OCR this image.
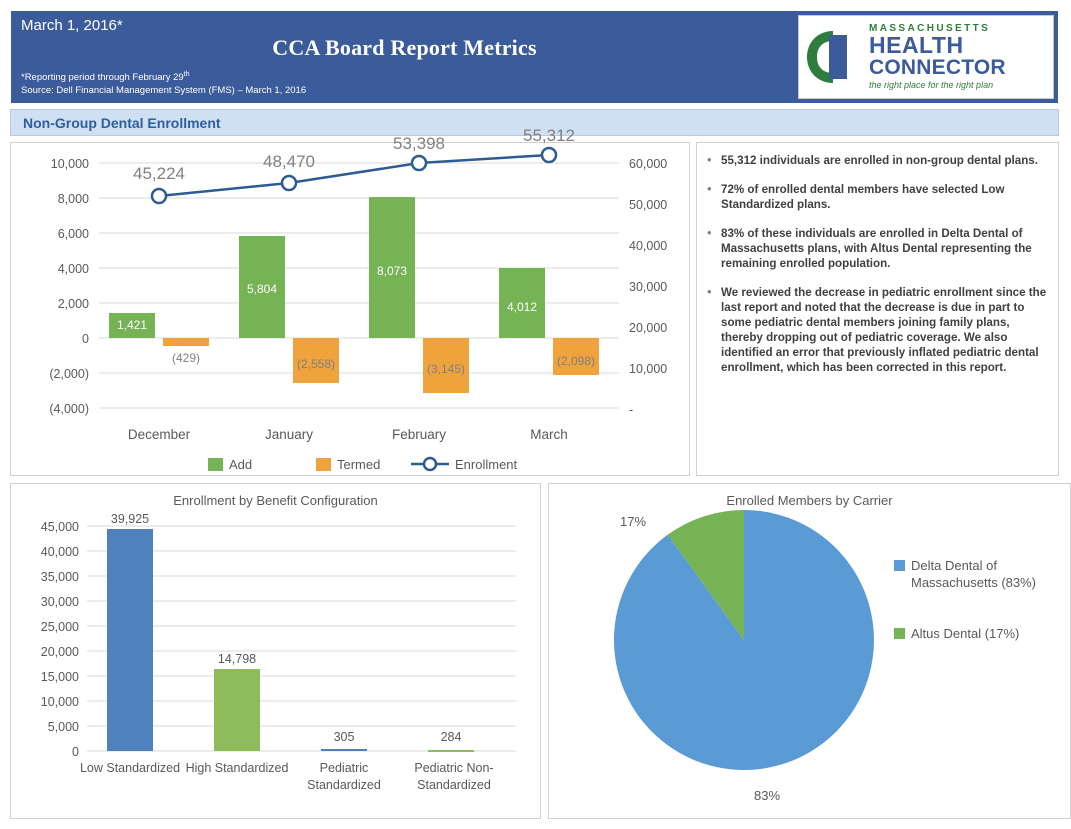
March 1, 2016*
CCA Board Report Metrics
*Reporting period through February 29th
Source: Dell Financial Management System (FMS) – March 1, 2016
MASSACHUSETTS
HEALTH
CONNECTOR
the right place for the right plan
Non-Group Dental Enrollment
10,000
8,000
6,000
4,000
2,000
0
(2,000)
(4,000)
60,000
50,000
40,000
30,000
20,000
10,000
-
1,421
(429)
5,804
(2,558)
8,073
(3,145)
4,012
(2,098)
45,224
48,470
53,398	55,312
December	January	February	March
Add	Termed	Enrollment
• 55,312 individuals are enrolled in non-group dental plans.
• 72% of enrolled dental members have selected Low Standardized plans.
• 83% of these individuals are enrolled in Delta Dental of Massachusetts plans, with Altus Dental representing the remaining enrolled population.
• We reviewed the decrease in pediatric enrollment since the last report and noted that the decrease is due in part to some pediatric dental members joining family plans, thereby dropping out of pediatric coverage. We also identified an error that previously inflated pediatric dental enrollment, which has been corrected in this report.
Enrollment by Benefit Configuration
45,000
40,000
35,000
30,000
25,000
20,000
15,000
10,000
5,000
0
39,925
14,798
305	284
Low Standardized High Standardized	Pediatric
Standardized
Pediatric Non-
Standardized
Enrolled Members by Carrier
17%
83%
Delta Dental of
Massachusetts (83%)
Altus Dental (17%)
